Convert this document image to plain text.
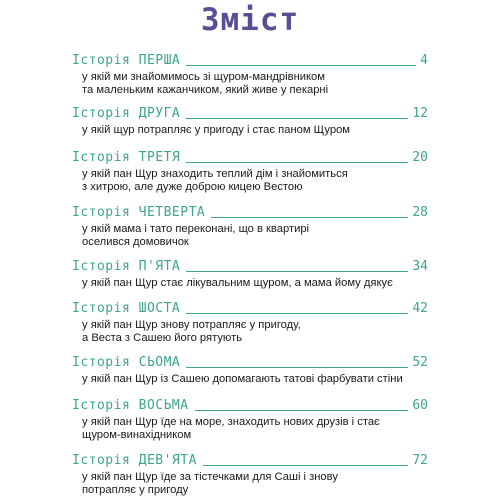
Зміст
Історія ПЕРША	4
у якій ми знайомимось зі щуром-мандрівником
та маленьким кажанчиком, який живе у пекарні
Історія ДРУГА	12
у якій щур потрапляє у пригоду і стає паном Щуром
Історія ТРЕТЯ	20
у якій пан Щур знаходить теплий дім і знайомиться
з хитрою, але дуже доброю кицею Вестою
Історія ЧЕТВЕРТА	28
у якій мама і тато переконані, що в квартирі
оселився домовичок
Історія П'ЯТА	34
у якій пан Щур стає лікувальним щуром, а мама йому дякує
Історія ШОСТА	42
у якій пан Щур знову потрапляє у пригоду,
а Веста з Сашею його рятують
Історія СЬОМА	52
у якій пан Щур із Сашею допомагають татові фарбувати стіни
Історія ВОСЬМА	60
у якій пан Щур їде на море, знаходить нових друзів і стає
щуром-винахідником
Історія ДЕВ'ЯТА	72
у якій пан Щур їде за тістечками для Саші і знову
потрапляє у пригоду
